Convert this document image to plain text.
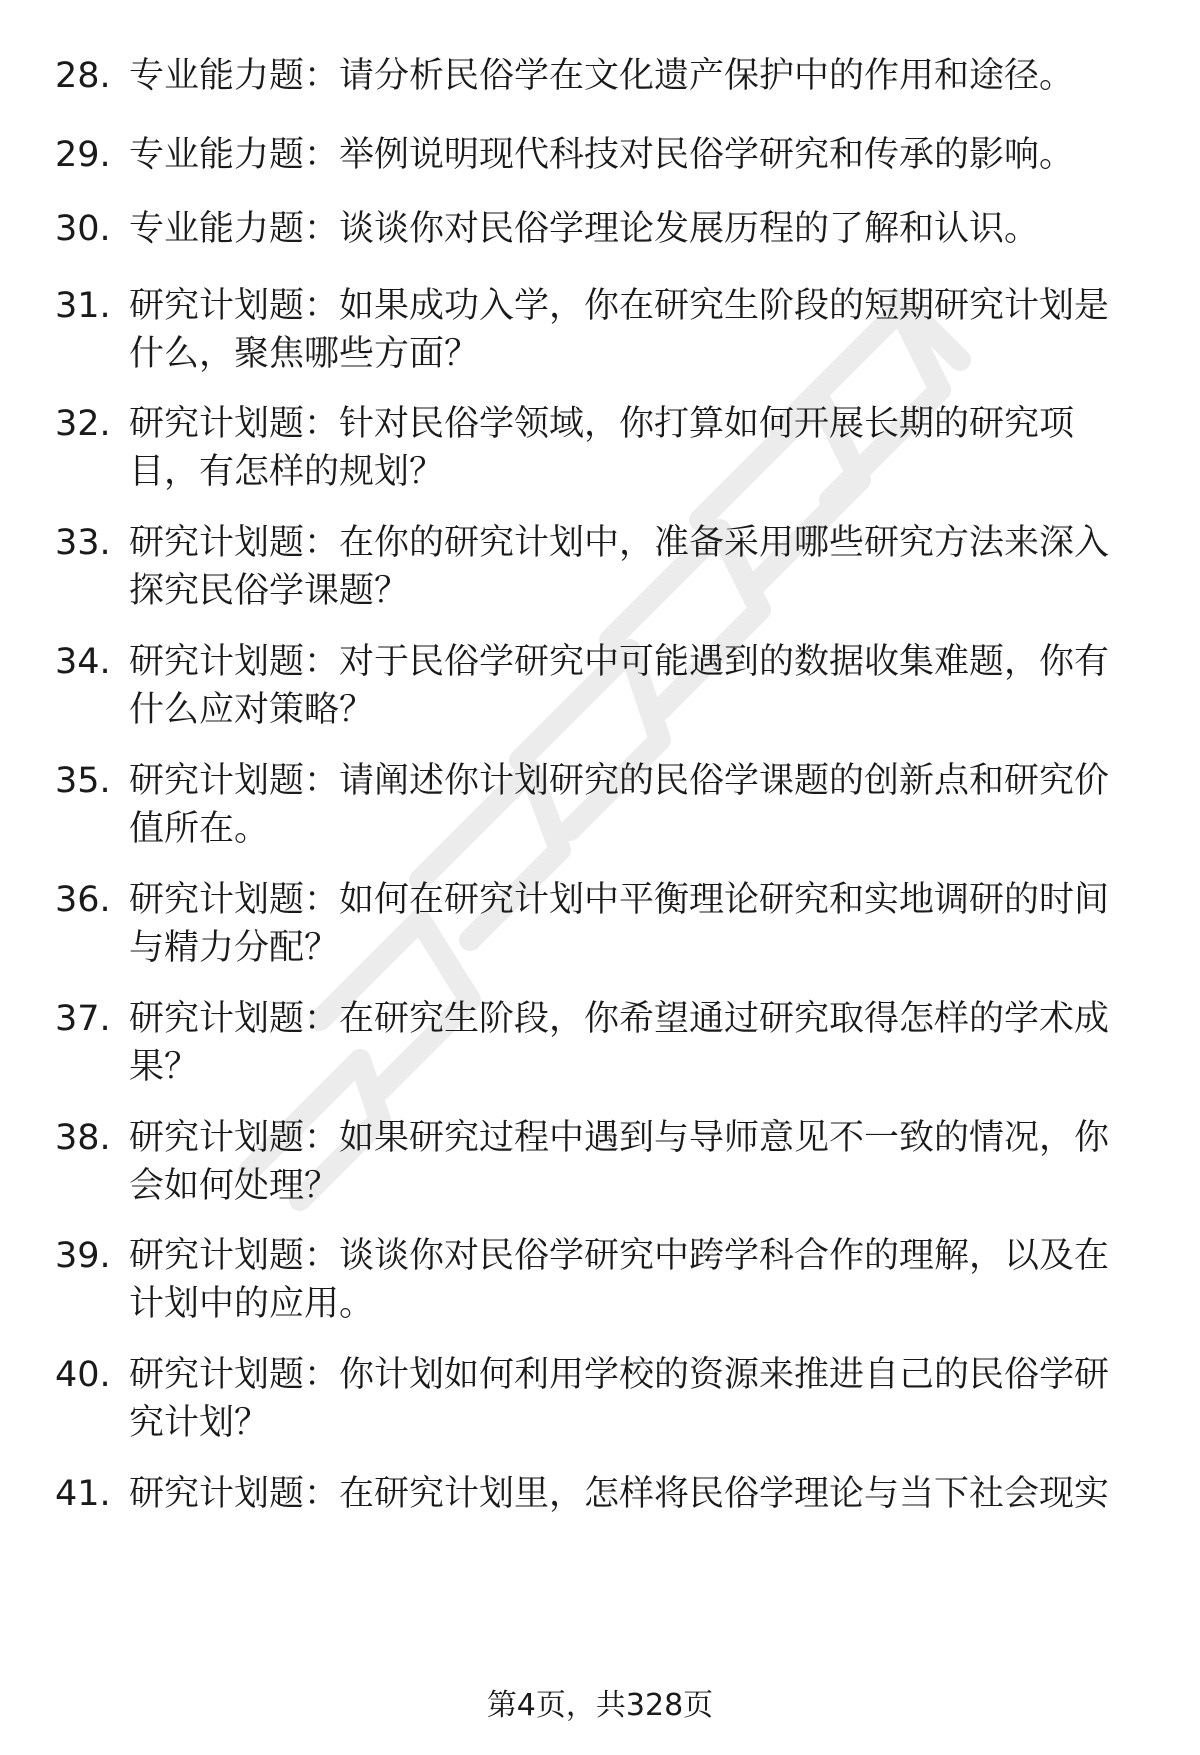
28. 专业能力题：请分析民俗学在文化遗产保护中的作用和途径。
29. 专业能力题：举例说明现代科技对民俗学研究和传承的影响。
30. 专业能力题：谈谈你对民俗学理论发展历程的了解和认识。
31. 研究计划题：如果成功入学，你在研究生阶段的短期研究计划是
什么，聚焦哪些方面？
32. 研究计划题：针对民俗学领域，你打算如何开展长期的研究项
目，有怎样的规划？
33. 研究计划题：在你的研究计划中，准备采用哪些研究方法来深入
探究民俗学课题？
34. 研究计划题：对于民俗学研究中可能遇到的数据收集难题，你有
什么应对策略？
35. 研究计划题：请阐述你计划研究的民俗学课题的创新点和研究价
值所在。
36. 研究计划题：如何在研究计划中平衡理论研究和实地调研的时间
与精力分配？
37. 研究计划题：在研究生阶段，你希望通过研究取得怎样的学术成
果？
38. 研究计划题：如果研究过程中遇到与导师意见不一致的情况，你
会如何处理？
39. 研究计划题：谈谈你对民俗学研究中跨学科合作的理解，以及在
计划中的应用。
40. 研究计划题：你计划如何利用学校的资源来推进自己的民俗学研
究计划？
41. 研究计划题：在研究计划里，怎样将民俗学理论与当下社会现实
第4页，共328页
